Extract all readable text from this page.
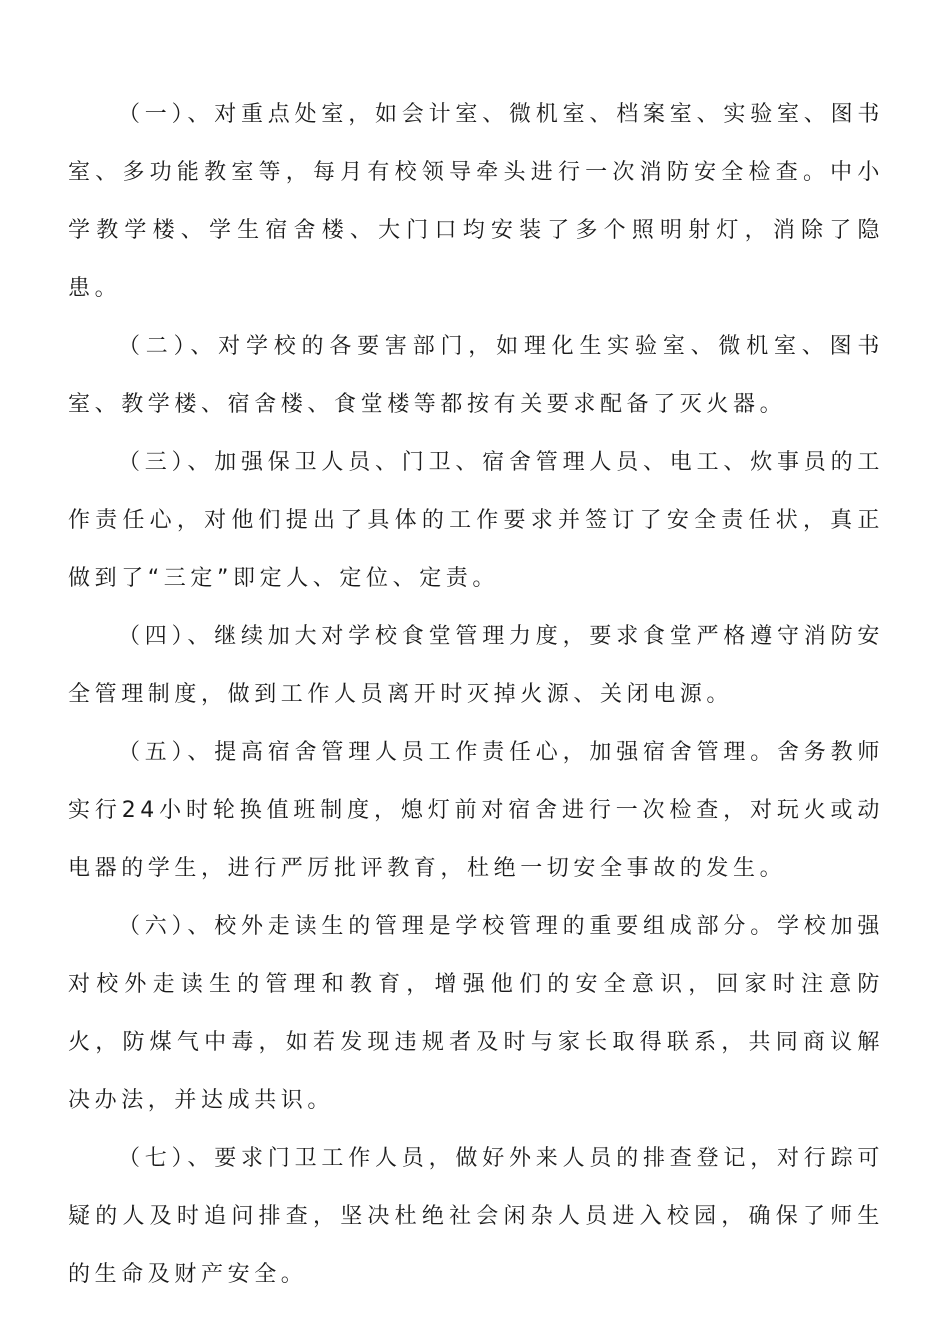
（一）、对重点处室，如会计室、微机室、档案室、实验室、图书室、多功能教室等，每月有校领导牵头进行一次消防安全检查。中小学教学楼、学生宿舍楼、大门口均安装了多个照明射灯，消除了隐患。

（二）、对学校的各要害部门，如理化生实验室、微机室、图书室、教学楼、宿舍楼、食堂楼等都按有关要求配备了灭火器。

（三）、加强保卫人员、门卫、宿舍管理人员、电工、炊事员的工作责任心，对他们提出了具体的工作要求并签订了安全责任状，真正做到了“三定”即定人、定位、定责。

（四）、继续加大对学校食堂管理力度，要求食堂严格遵守消防安全管理制度，做到工作人员离开时灭掉火源、关闭电源。

（五）、提高宿舍管理人员工作责任心，加强宿舍管理。舍务教师实行24小时轮换值班制度，熄灯前对宿舍进行一次检查，对玩火或动电器的学生，进行严厉批评教育，杜绝一切安全事故的发生。

（六）、校外走读生的管理是学校管理的重要组成部分。学校加强对校外走读生的管理和教育，增强他们的安全意识，回家时注意防火，防煤气中毒，如若发现违规者及时与家长取得联系，共同商议解决办法，并达成共识。

（七）、要求门卫工作人员，做好外来人员的排查登记，对行踪可疑的人及时追问排查，坚决杜绝社会闲杂人员进入校园，确保了师生的生命及财产安全。
